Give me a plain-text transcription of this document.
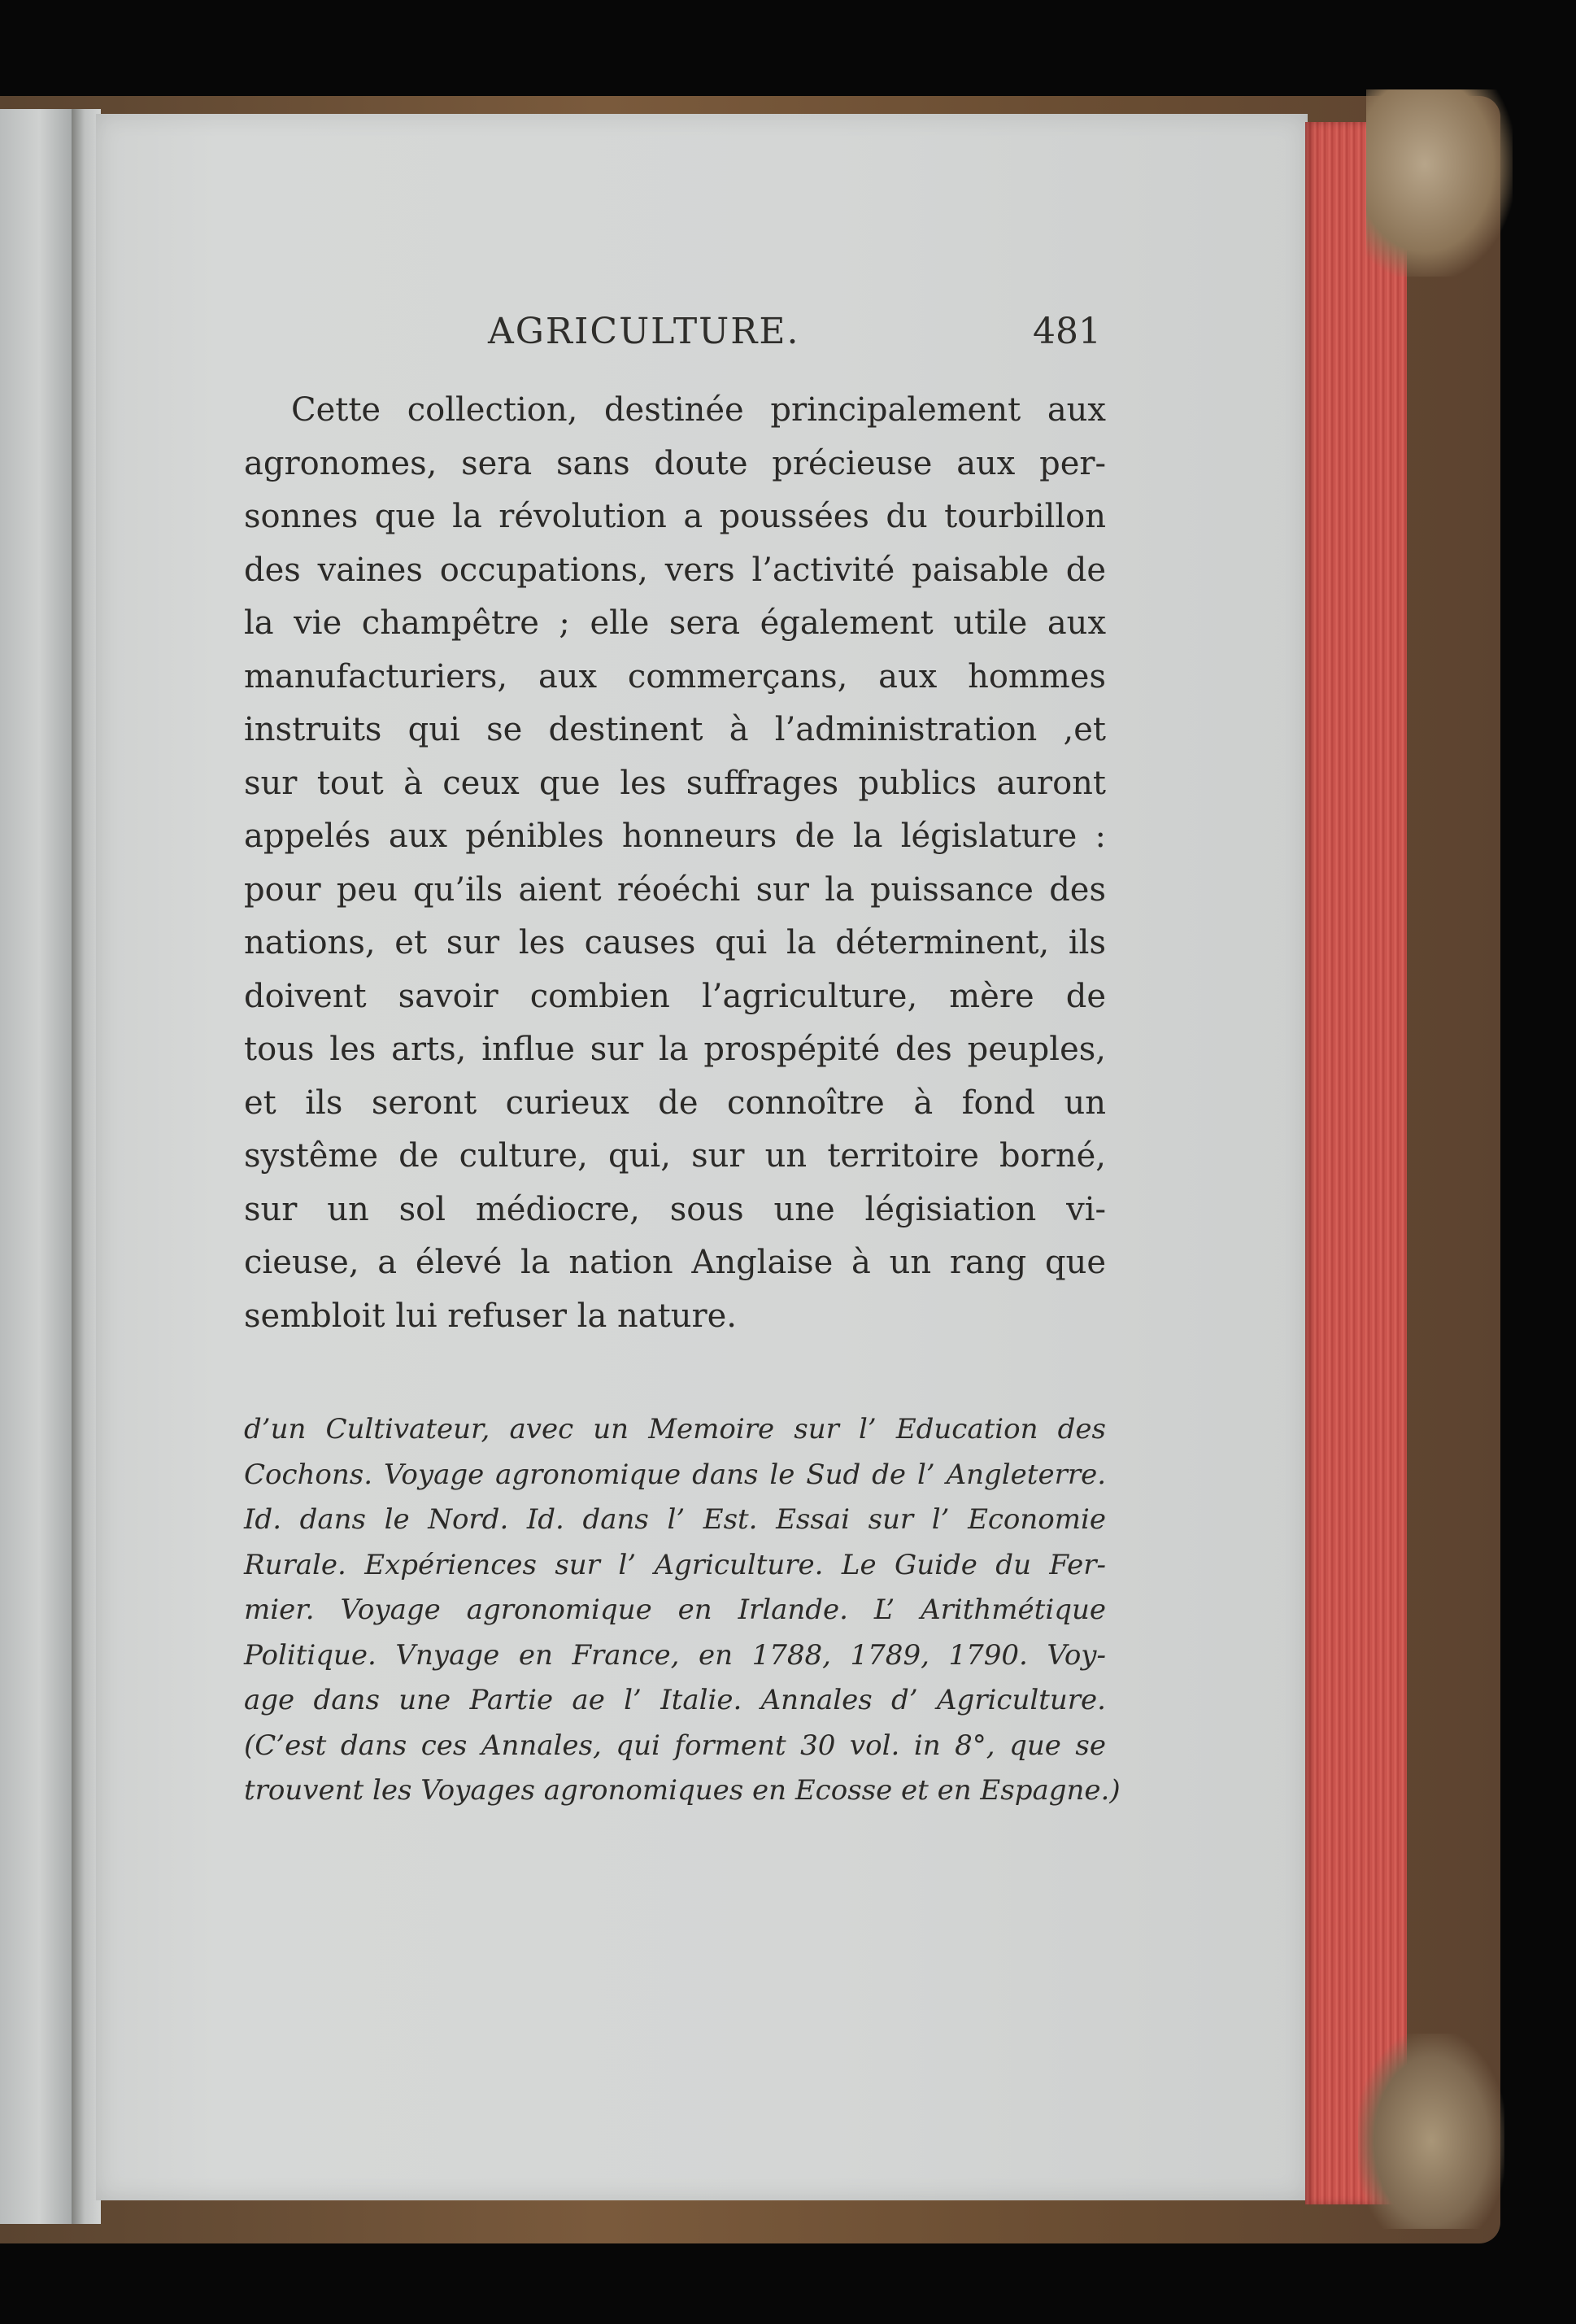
AGRICULTURE.	481
Cette collection, destinée principalement aux
agronomes, sera sans doute précieuse aux per-
sonnes que la révolution a poussées du tourbillon
des vaines occupations, vers l’activité paisable de
la vie champêtre ; elle sera également utile aux
manufacturiers, aux commerçans, aux hommes
instruits qui se destinent à l’administration ,et
sur tout à ceux que les suffrages publics auront
appelés aux pénibles honneurs de la législature :
pour peu qu’ils aient réoéchi sur la puissance des
nations, et sur les causes qui la déterminent, ils
doivent savoir combien l’agriculture, mère de
tous les arts, influe sur la prospépité des peuples,
et ils seront curieux de connoître à fond un
systême de culture, qui, sur un territoire borné,
sur un sol médiocre, sous une légisiation vi-
cieuse, a élevé la nation Anglaise à un rang que
sembloit lui refuser la nature.
d’un Cultivateur, avec un Memoire sur l’ Education des
Cochons. Voyage agronomique dans le Sud de l’ Angleterre.
Id. dans le Nord. Id. dans l’ Est. Essai sur l’ Economie
Rurale. Expériences sur l’ Agriculture. Le Guide du Fer-
mier. Voyage agronomique en Irlande. L’ Arithmétique
Politique. Vnyage en France, en 1788, 1789, 1790. Voy-
age dans une Partie ae l’ Italie. Annales d’ Agriculture.
(C’est dans ces Annales, qui forment 30 vol. in 8°, que se
trouvent les Voyages agronomiques en Ecosse et en Espagne.)
